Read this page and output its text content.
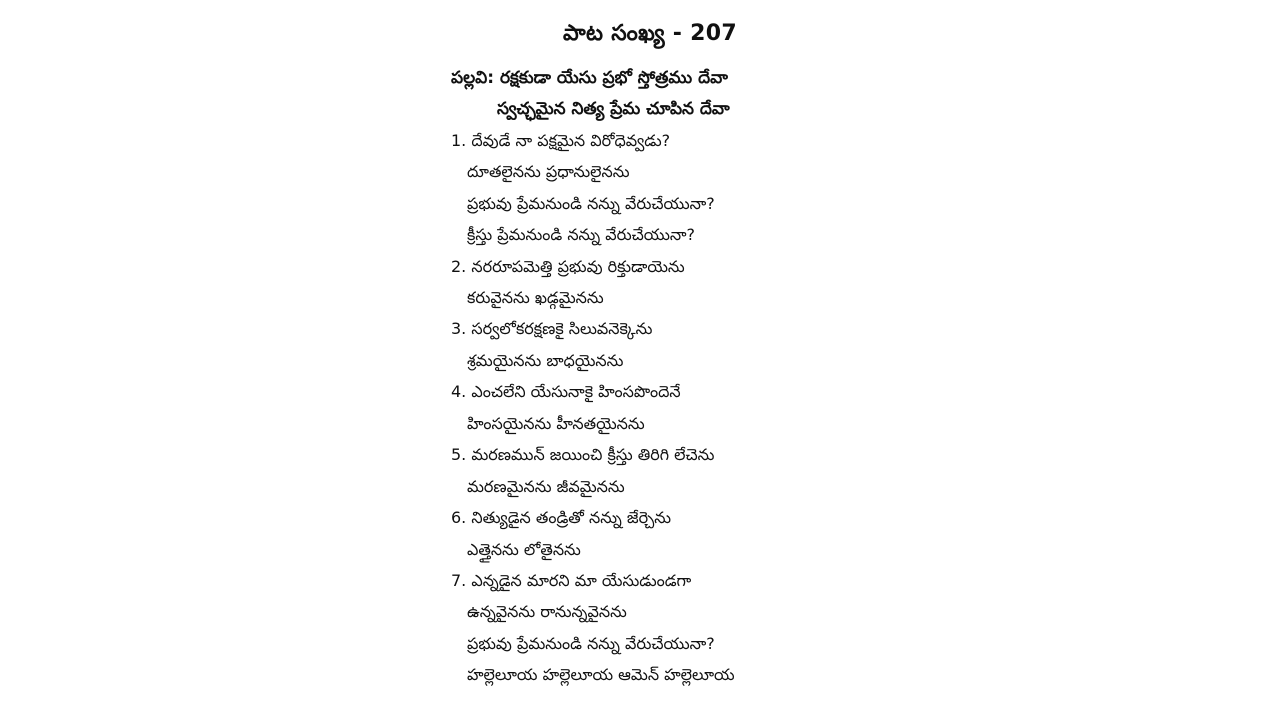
పాట సంఖ్య - 207
పల్లవి: రక్షకుడా యేసు ప్రభో స్తోత్రము దేవా
స్వచ్ఛమైన నిత్య ప్రేమ చూపిన దేవా
1. దేవుడే నా పక్షమైన విరోధెవ్వడు?
దూతలైనను ప్రధానులైనను
ప్రభువు ప్రేమనుండి నన్ను వేరుచేయునా?
క్రీస్తు ప్రేమనుండి నన్ను వేరుచేయునా?
2. నరరూపమెత్తి ప్రభువు రిక్తుడాయెను
కరువైనను ఖడ్గమైనను
3. సర్వలోకరక్షణకై సిలువనెక్కెను
శ్రమయైనను బాధయైనను
4. ఎంచలేని యేసునాకై హింసపొందెనే
హింసయైనను హీనతయైనను
5. మరణమున్ జయించి క్రీస్తు తిరిగి లేచెను
మరణమైనను జీవమైనను
6. నిత్యుడైన తండ్రితో నన్ను జేర్చెను
ఎత్తైనను లోతైనను
7. ఎన్నడైన మారని మా యేసుడుండగా
ఉన్నవైనను రానున్నవైనను
ప్రభువు ప్రేమనుండి నన్ను వేరుచేయునా?
హల్లెలూయ హల్లెలూయ ఆమెన్ హల్లెలూయ
